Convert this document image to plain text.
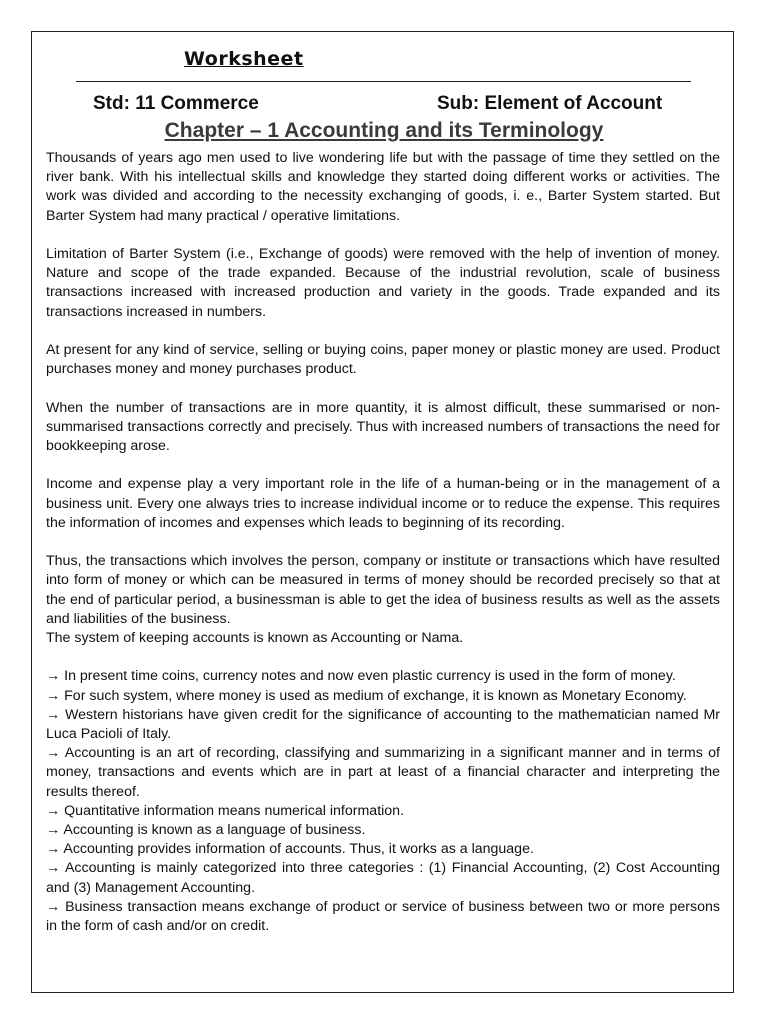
Worksheet
Std: 11 Commerce	Sub: Element of Account
Chapter – 1 Accounting and its Terminology

Thousands of years ago men used to live wondering life but with the passage of time they settled on the river bank. With his intellectual skills and knowledge they started doing different works or activities. The work was divided and according to the necessity exchanging of goods, i. e., Barter System started. But Barter System had many practical / operative limitations.

Limitation of Barter System (i.e., Exchange of goods) were removed with the help of invention of money. Nature and scope of the trade expanded. Because of the industrial revolution, scale of business transactions increased with increased production and variety in the goods. Trade expanded and its transactions increased in numbers.

At present for any kind of service, selling or buying coins, paper money or plastic money are used. Product purchases money and money purchases product.

When the number of transactions are in more quantity, it is almost difficult, these summarised or non-summarised transactions correctly and precisely. Thus with increased numbers of transactions the need for bookkeeping arose.

Income and expense play a very important role in the life of a human-being or in the management of a business unit. Every one always tries to increase individual income or to reduce the expense. This requires the information of incomes and expenses which leads to beginning of its recording.

Thus, the transactions which involves the person, company or institute or transactions which have resulted into form of money or which can be measured in terms of money should be recorded precisely so that at the end of particular period, a businessman is able to get the idea of business results as well as the assets and liabilities of the business.

The system of keeping accounts is known as Accounting or Nama.

→ In present time coins, currency notes and now even plastic currency is used in the form of money.

→ For such system, where money is used as medium of exchange, it is known as Monetary Economy.

→ Western historians have given credit for the significance of accounting to the mathematician named Mr Luca Pacioli of Italy.

→ Accounting is an art of recording, classifying and summarizing in a significant manner and in terms of money, transactions and events which are in part at least of a financial character and interpreting the results thereof.

→ Quantitative information means numerical information.

→ Accounting is known as a language of business.

→ Accounting provides information of accounts. Thus, it works as a language.

→ Accounting is mainly categorized into three categories : (1) Financial Accounting, (2) Cost Accounting and (3) Management Accounting.

→ Business transaction means exchange of product or service of business between two or more persons in the form of cash and/or on credit.
